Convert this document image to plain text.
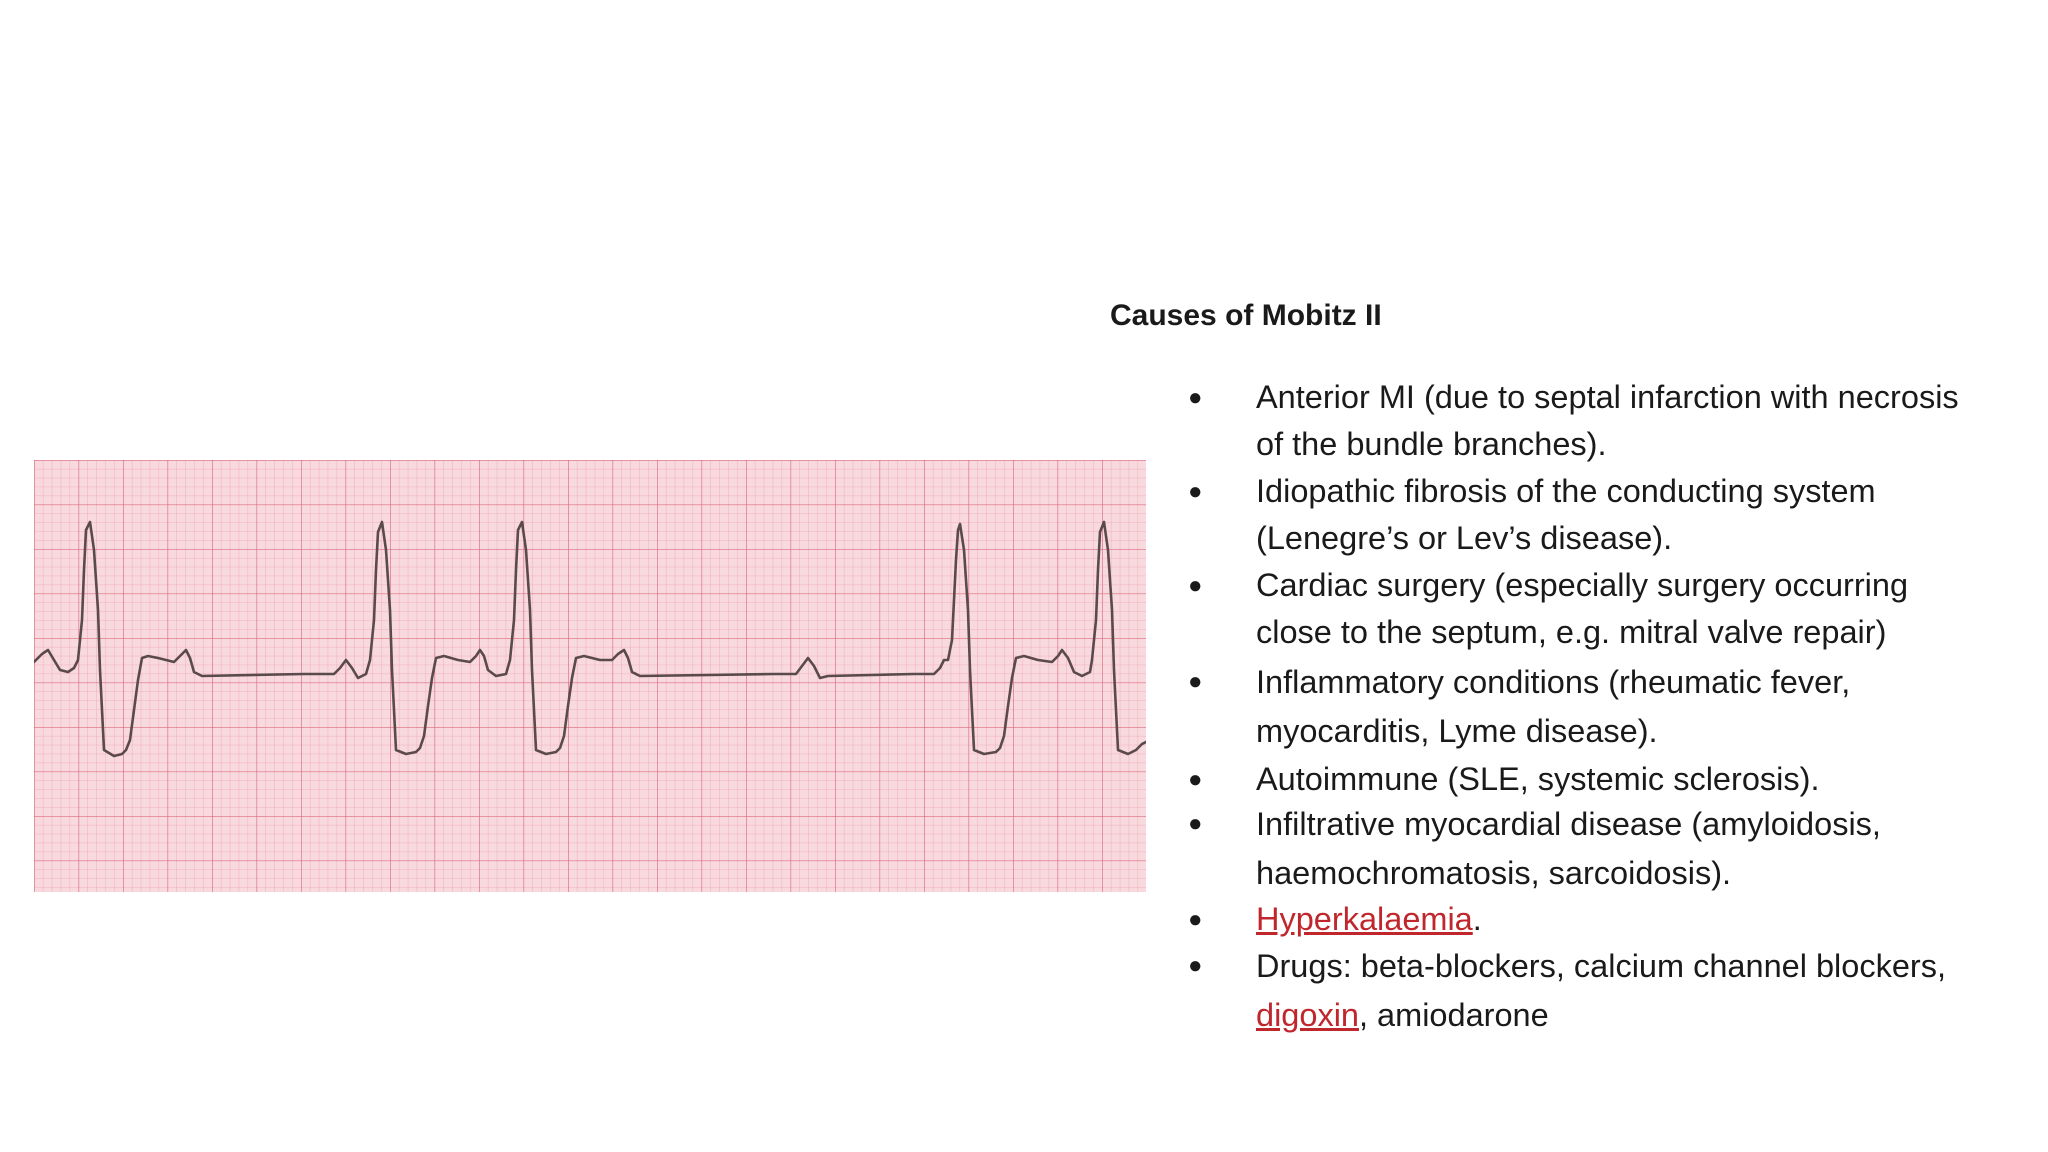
Causes of Mobitz II
● Anterior MI (due to septal infarction with necrosis of the bundle branches).
● Idiopathic fibrosis of the conducting system (Lenegre’s or Lev’s disease).
● Cardiac surgery (especially surgery occurring close to the septum, e.g. mitral valve repair)
● Inflammatory conditions (rheumatic fever, myocarditis, Lyme disease).
● Autoimmune (SLE, systemic sclerosis).
● Infiltrative myocardial disease (amyloidosis, haemochromatosis, sarcoidosis).
● Hyperkalaemia.
● Drugs: beta-blockers, calcium channel blockers, digoxin, amiodarone
